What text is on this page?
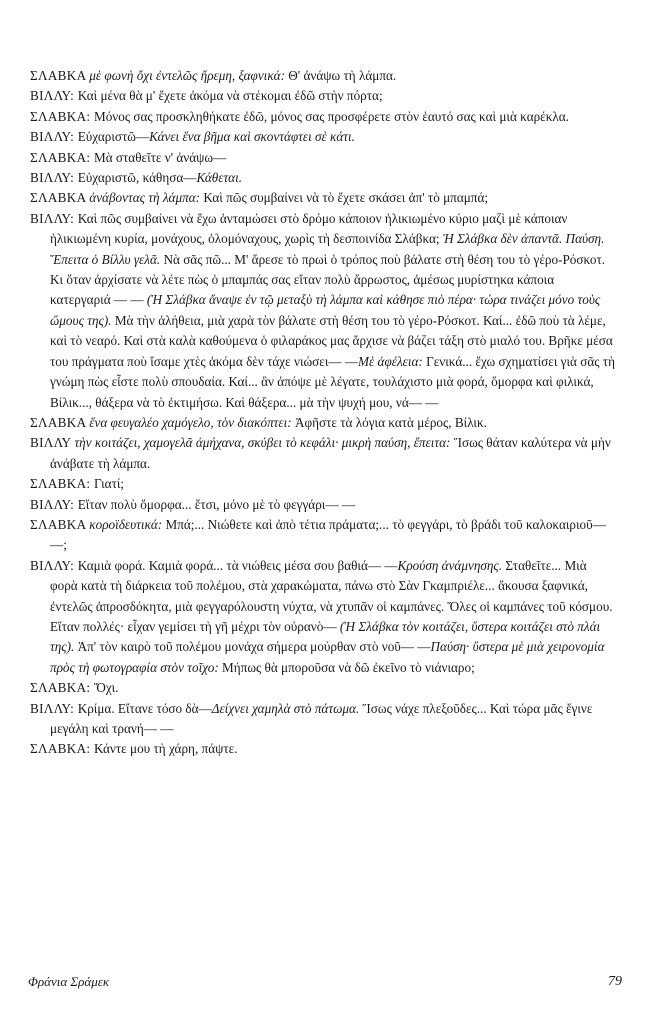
ΣΛΑΒΚΑ μὲ φωνὴ ὄχι ἐντελῶς ἤρεμη, ξαφνικά: Θ' ἀνάψω τὴ λάμπα.

ΒΙΛΛΥ: Καὶ μένα θὰ μ' ἔχετε ἀκόμα νὰ στέκομαι ἐδῶ στὴν πόρτα;

ΣΛΑΒΚΑ: Μόνος σας προσκληθήκατε ἐδῶ, μόνος σας προσφέρετε στὸν ἑαυτό σας καὶ μιὰ καρέκλα.

ΒΙΛΛΥ: Εὐχαριστῶ—Κάνει ἕνα βῆμα καὶ σκοντάφτει σὲ κάτι.

ΣΛΑΒΚΑ: Μὰ σταθεῖτε ν' ἀνάψω—

ΒΙΛΛΥ: Εὐχαριστῶ, κάθησα—Κάθεται.

ΣΛΑΒΚΑ ἀνάβοντας τὴ λάμπα: Καὶ πῶς συμβαίνει νὰ τὸ ἔχετε σκάσει ἀπ' τὸ μπαμπά;

ΒΙΛΛΥ: Καὶ πῶς συμβαίνει νὰ ἔχω ἀνταμώσει στὸ δρόμο κάποιον ἡλικιωμένο κύριο μαζὶ μὲ κάποιαν ἡλικιωμένη κυρία, μονάχους, ὁλομόναχους, χωρὶς τὴ δεσποινίδα Σλάβκα; Ἡ Σλάβκα δὲν ἀπαντᾶ. Παύση. Ἔπειτα ὁ Βίλλυ γελᾶ. Νὰ σᾶς πῶ... Μ' ἄρεσε τὸ πρωὶ ὁ τρόπος ποὺ βάλατε στὴ θέση του τὸ γέρο-Ρόσκοτ. Κι ὅταν ἀρχίσατε νὰ λέτε πὼς ὁ μπαμπάς σας εἴταν πολὺ ἄρρωστος, ἀμέσως μυρίστηκα κάποια κατεργαριά — — (Ἡ Σλάβκα ἄναψε ἐν τῷ μεταξὺ τὴ λάμπα καὶ κάθησε πιὸ πέρα· τώρα τινάζει μόνο τοὺς ὤμους της). Μὰ τὴν ἀλήθεια, μιὰ χαρὰ τὸν βάλατε στὴ θέση του τὸ γέρο-Ρόσκοτ. Καί... ἐδῶ ποὺ τὰ λέμε, καὶ τὸ νεαρό. Καὶ στὰ καλὰ καθούμενα ὁ φιλαράκος μας ἄρχισε νὰ βάζει τάξη στὸ μιαλό του. Βρῆκε μέσα του πράγματα ποὺ ἴσαμε χτὲς ἀκόμα δὲν τάχε νιώσει— —Μὲ ἀφέλεια: Γενικά... ἔχω σχηματίσει γιὰ σᾶς τὴ γνώμη πὼς εἶστε πολὺ σπουδαία. Καί... ἂν ἀπόψε μὲ λέγατε, τουλάχιστο μιὰ φορά, ὄμορφα καὶ φιλικά, Βίλικ..., θάξερα νὰ τὸ ἐκτιμήσω. Καὶ θάξερα... μὰ τὴν ψυχή μου, νά— —

ΣΛΑΒΚΑ ἕνα φευγαλέο χαμόγελο, τὸν διακόπτει: Ἀφῆστε τὰ λόγια κατὰ μέρος, Βίλικ.

ΒΙΛΛΥ τὴν κοιτάζει, χαμογελᾶ ἀμήχανα, σκύβει τὸ κεφάλι· μικρὴ παύση, ἔπειτα: Ἴσως θάταν καλύτερα νὰ μὴν ἀνάβατε τὴ λάμπα.

ΣΛΑΒΚΑ: Γιατί;

ΒΙΛΛΥ: Εἴταν πολὺ ὄμορφα... ἔτσι, μόνο μὲ τὸ φεγγάρι— —

ΣΛΑΒΚΑ κοροϊδευτικά: Μπά;... Νιώθετε καὶ ἀπὸ τέτια πράματα;... τὸ φεγγάρι, τὸ βράδι τοῦ καλοκαιριοῦ— —;

ΒΙΛΛΥ: Καμιὰ φορά. Καμιὰ φορά... τὰ νιώθεις μέσα σου βαθιά— —Κρούση ἀνάμνησης. Σταθεῖτε... Μιὰ φορὰ κατὰ τὴ διάρκεια τοῦ πολέμου, στὰ χαρακώματα, πάνω στὸ Σὰν Γκαμπριέλε... ἄκουσα ξαφνικά, ἐντελῶς ἀπροσδόκητα, μιὰ φεγγαρόλουστη νύχτα, νὰ χτυπᾶν οἱ καμπάνες. Ὅλες οἱ καμπάνες τοῦ κόσμου. Εἴταν πολλές· εἶχαν γεμίσει τὴ γῆ μέχρι τὸν οὐρανὸ— (Ἡ Σλάβκα τὸν κοιτάζει, ὕστερα κοιτάζει στὸ πλάι της). Ἀπ' τὸν καιρὸ τοῦ πολέμου μονάχα σήμερα μούρθαν στὸ νοῦ— —Παύση· ὕστερα μὲ μιὰ χειρονομία πρὸς τὴ φωτογραφία στὸν τοῖχο: Μήπως θὰ μποροῦσα νὰ δῶ ἐκεῖνο τὸ νιάνιαρο;

ΣΛΑΒΚΑ: Ὄχι.

ΒΙΛΛΥ: Κρίμα. Εἴτανε τόσο δὰ—Δείχνει χαμηλὰ στὸ πάτωμα. Ἴσως νάχε πλεξοῦδες... Καὶ τώρα μᾶς ἔγινε μεγάλη καὶ τρανή— —

ΣΛΑΒΚΑ: Κάντε μου τὴ χάρη, πάψτε.

Φράνια Σράμεκ	79
